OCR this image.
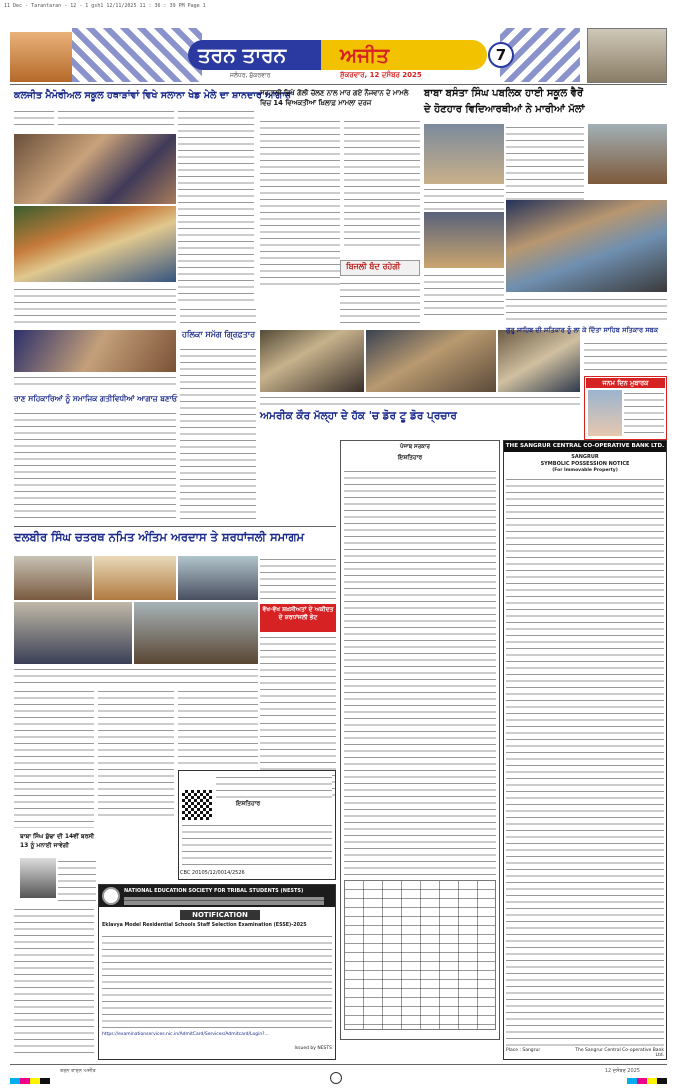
11 Dec - Tarantaran - 12 - 1 gsh1 12/11/2025 11 : 36 : 39 PM Page 1
ਤਰਨ ਤਾਰਨ	ਅਜੀਤ	7
ਜਲੰਧਰ, ਸ਼ੁੱਕਰਵਾਰ	ਸ਼ੁੱਕਰਵਾਰ, 12 ਦਸੰਬਰ 2025
ਕਲਜੀਤ ਮੈਮੋਰੀਅਲ ਸਕੂਲ ਹਥਾੜਾਂਵਾਂ ਵਿਖੇ ਸਲਾਨਾ ਖੇਡ ਮੇਲੇ ਦਾ ਸ਼ਾਨਦਾਰ ਆਗਾਜ਼
ਸਰਹਾਲੀ ਵਿਖੇ ਗੋਲੀ ਚੱਲਣ ਨਾਲ ਮਾਰ ਗਏ ਨੌਜਵਾਨ ਦੇ ਮਾਮਲੇ ਵਿਚ 14 ਵਿਅਕਤੀਆਂ ਖ਼ਿਲਾਫ਼ ਮਾਮਲਾ ਦਰਜ
ਬਿਜਲੀ ਬੰਦ ਰਹੇਗੀ
ਬਾਬਾ ਬਸੰਤਾ ਸਿੰਘ ਪਬਲਿਕ ਹਾਈ ਸਕੂਲ ਵੈਰੋਂ
ਦੇ ਹੋਣਹਾਰ ਵਿਦਿਆਰਥੀਆਂ ਨੇ ਮਾਰੀਆਂ ਮੱਲਾਂ
ਰਾਣ ਸਹਿਕਾਰਿਆਂ ਨੂੰ ਸਮਾਜਿਕ ਗਤੀਵਿਧੀਆਂ ਆਗਾਜ਼ ਬਣਾਓ
ਹਲਿਕਾ ਸਮੱਗ ਗ੍ਰਿਫ਼ਤਾਰ
ਅਮਰੀਕ ਕੌਰ ਮੱਲ੍ਹਾ ਦੇ ਹੱਕ 'ਚ ਡੋਰ ਟੂ ਡੋਰ ਪ੍ਰਚਾਰ
ਗੁਰੂ ਸਾਹਿਬ ਦੀ ਸਤਿਕਾਰ ਨੂੰ ਲਾ ਕੇ ਦਿੱਤਾ ਸਾਹਿਬ ਸਤਿਕਾਰ ਸਬਕ
ਜਨਮ ਦਿਨ ਮੁਬਾਰਕ
ਪੰਜਾਬ ਸਰਕਾਰ
ਇਸ਼ਤਿਹਾਰ
THE SANGRUR CENTRAL CO-OPERATIVE BANK LTD.
SANGRUR
SYMBOLIC POSSESSION NOTICE
(For Immovable Property)
Place : Sangrur	The Sangrur Central Co-operative Bank Ltd.
ਦਲਬੀਰ ਸਿੰਘ ਚਤਰਥ ਨਮਿਤ ਅੰਤਿਮ ਅਰਦਾਸ ਤੇ ਸ਼ਰਧਾਂਜਲੀ ਸਮਾਗਮ
ਵੱਖ-ਵੱਖ ਸ਼ਖ਼ਸੀਅਤਾਂ ਦੇ ਅਕੀਦਤ ਦੇ ਸ਼ਰਧਾਂਜਲੀ ਭੇਟ
ਬਾਬਾ ਸਿੰਘ ਬੁੱਢਾ ਦੀ 14ਵੀਂ ਬਰਸੀ 13 ਨੂੰ ਮਨਾਈ ਜਾਵੇਗੀ
ਇਸ਼ਤਿਹਾਰ
CBC 20105/12/0014/2526
NATIONAL EDUCATION SOCIETY FOR TRIBAL STUDENTS (NESTS)
NOTIFICATION
Eklavya Model Residential Schools Staff Selection Examination (ESSE)-2025
https://examinationservices.nic.in/AdmitCard/Services/Admitcard/Login?...
Issued by NESTS
ਤਰਨ ਤਾਰਨ ਅਜੀਤ	12 ਦਸੰਬਰ 2025
